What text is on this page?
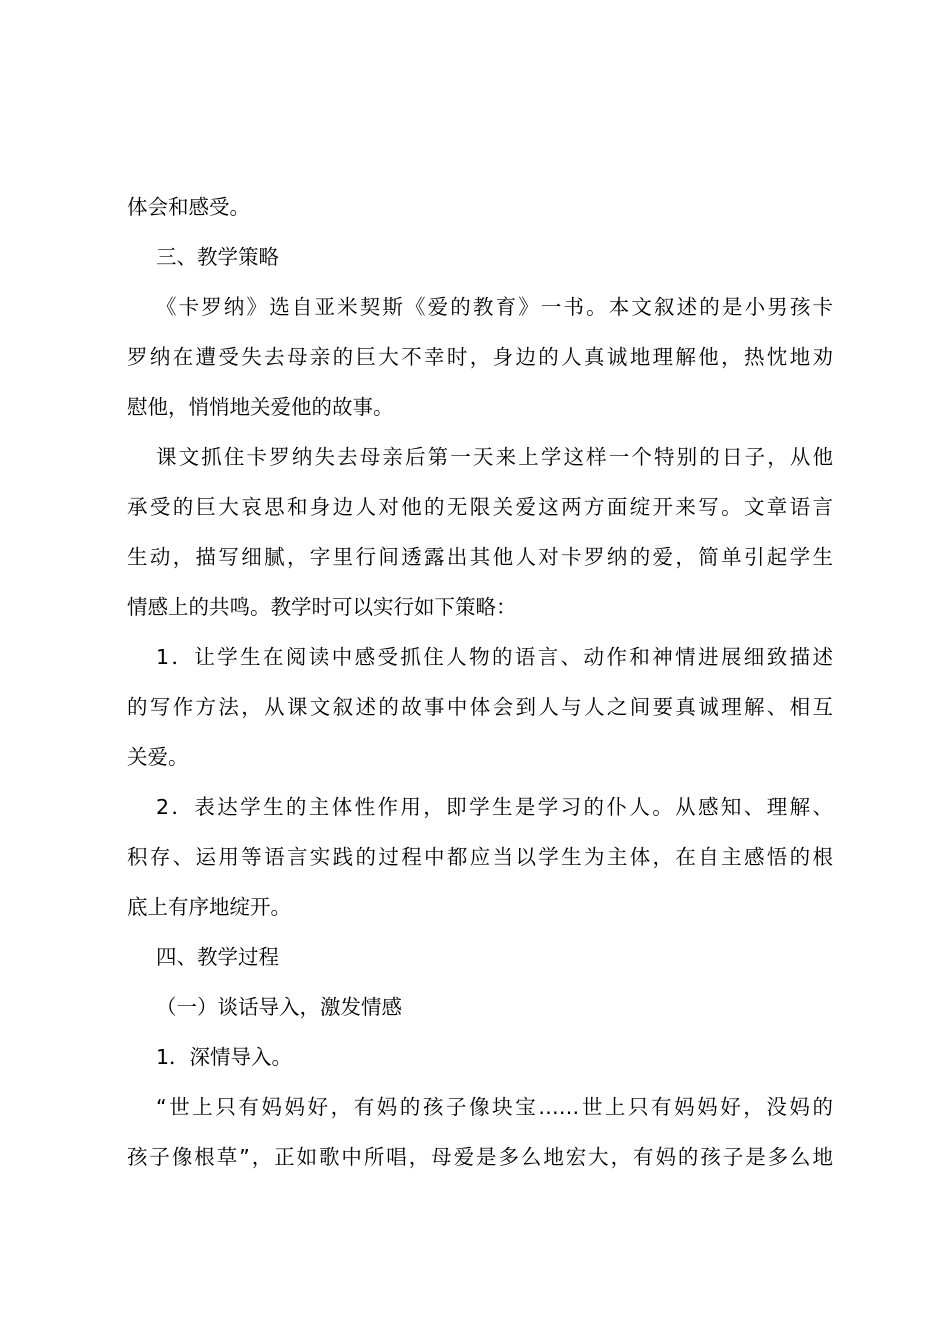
体会和感受。
三、教学策略
《卡罗纳》选自亚米契斯《爱的教育》一书。本文叙述的是小男孩卡
罗纳在遭受失去母亲的巨大不幸时，身边的人真诚地理解他，热忱地劝
慰他，悄悄地关爱他的故事。
课文抓住卡罗纳失去母亲后第一天来上学这样一个特别的日子，从他
承受的巨大哀思和身边人对他的无限关爱这两方面绽开来写。文章语言
生动，描写细腻，字里行间透露出其他人对卡罗纳的爱，简单引起学生
情感上的共鸣。教学时可以实行如下策略：
1．让学生在阅读中感受抓住人物的语言、动作和神情进展细致描述
的写作方法，从课文叙述的故事中体会到人与人之间要真诚理解、相互
关爱。
2．表达学生的主体性作用，即学生是学习的仆人。从感知、理解、
积存、运用等语言实践的过程中都应当以学生为主体，在自主感悟的根
底上有序地绽开。
四、教学过程
（一）谈话导入，激发情感
1．深情导入。
“世上只有妈妈好，有妈的孩子像块宝……世上只有妈妈好，没妈的
孩子像根草”，正如歌中所唱，母爱是多么地宏大，有妈的孩子是多么地
